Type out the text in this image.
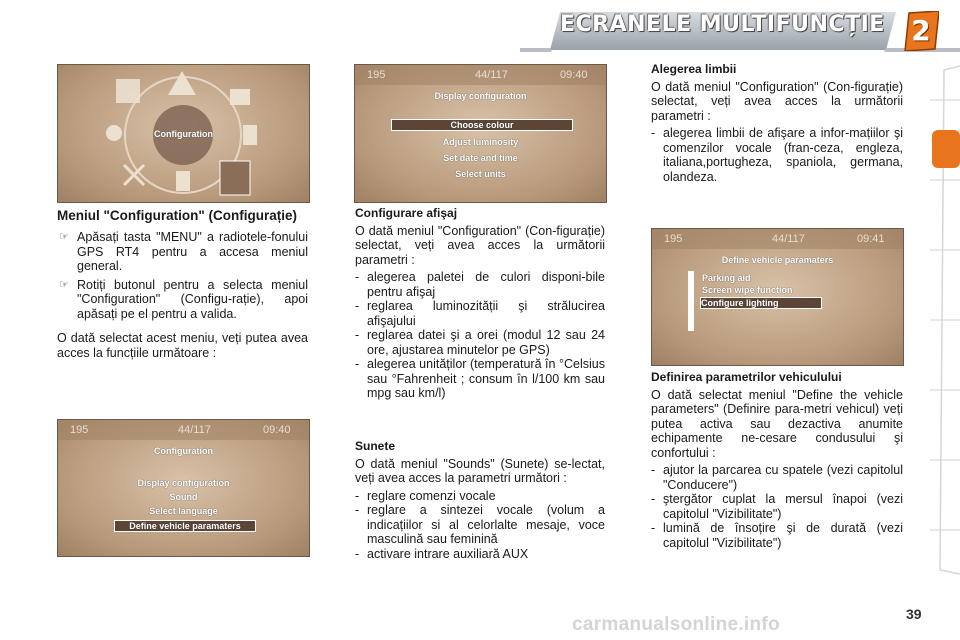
ECRANELE MULTIFUNCȚIE 2
Configuration
195	44/117	09:40
Display configuration
Choose colour
Adjust luminosity
Set date and time
Select units
Meniul "Configuration" (Configurație)
☞ Apăsați tasta "MENU" a radiotele-fonului GPS RT4 pentru a accesa meniul general.
☞ Rotiți butonul pentru a selecta meniul "Configuration" (Configu-rație), apoi apăsați pe el pentru a valida.

O dată selectat acest meniu, veți putea avea acces la funcțiile următoare :

195	44/117	09:40
Configuration
Display configuration
Sound
Select language
Define vehicle paramaters
Configurare afişaj

O dată meniul "Configuration" (Con-figurație) selectat, veți avea acces la următorii parametri :

- alegerea paletei de culori disponi-bile pentru afişaj
- reglarea luminozității şi strălucirea afişajului
- reglarea datei şi a orei (modul 12 sau 24 ore, ajustarea minutelor pe GPS)
- alegerea unităților (temperatură în °Celsius sau °Fahrenheit ; consum în l/100 km sau mpg sau km/l)
Sunete

O dată meniul "Sounds" (Sunete) se-lectat, veți avea acces la parametri următori :

- reglare comenzi vocale
- reglare a sintezei vocale (volum a indicațiilor si al celorlalte mesaje, voce masculină sau feminină
- activare intrare auxiliară AUX
Alegerea limbii

O dată meniul "Configuration" (Con-figurație) selectat, veți avea acces la următorii parametri :

- alegerea limbii de afişare a infor-mațiilor şi comenzilor vocale (fran-ceza, engleza, italiana,portugheza, spaniola, germana, olandeza.
195	44/117	09:41
Define vehicle paramaters
Parking aid
Screen wipe function
Configure lighting
Definirea parametrilor vehiculului

O dată selectat meniul "Define the vehicle parameters" (Definire para-metri vehicul) veți putea activa sau dezactiva anumite echipamente ne-cesare condusului şi confortului :

- ajutor la parcarea cu spatele (vezi capitolul "Conducere")
- ştergător cuplat la mersul înapoi (vezi capitolul "Vizibilitate")
- lumină de însoțire şi de durată (vezi capitolul "Vizibilitate")
carmanualsonline.info	39
